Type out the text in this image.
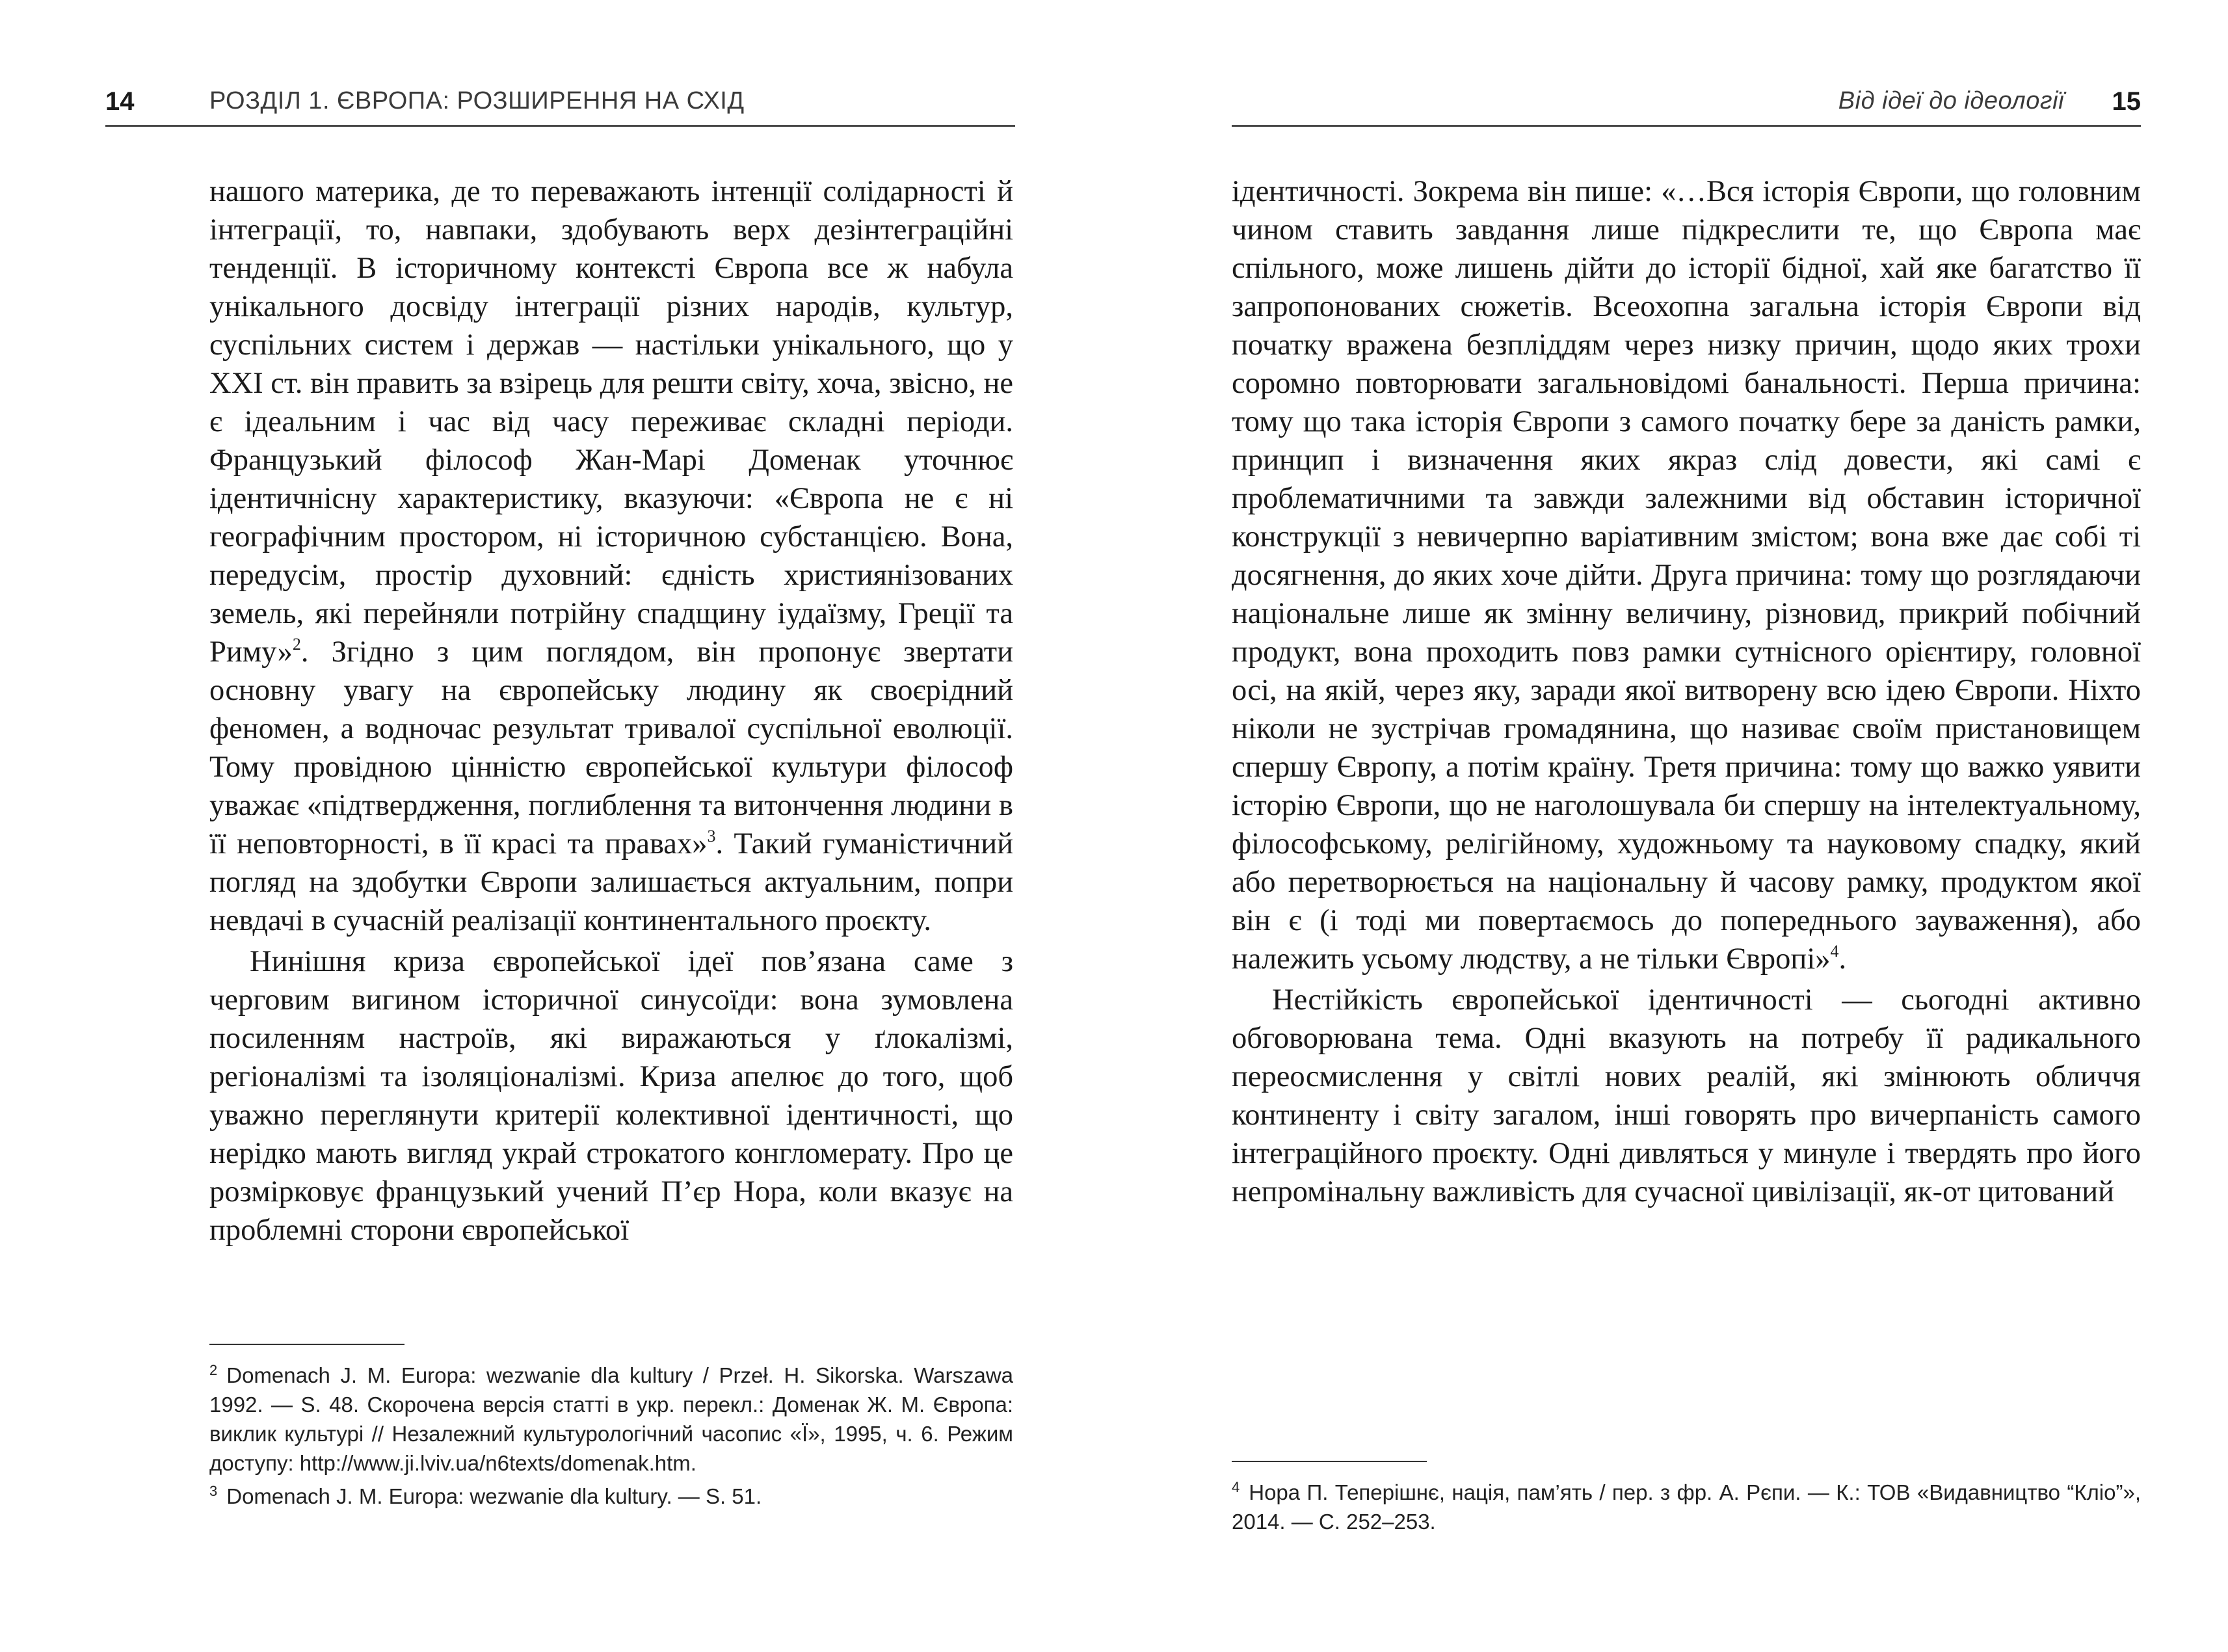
14	РОЗДІЛ 1. ЄВРОПА: РОЗШИРЕННЯ НА СХІД

нашого материка, де то переважають інтенції солідарності й інтеграції, то, навпаки, здобувають верх дезінтеграційні тенденції. В історичному контексті Європа все ж набула унікального досвіду інтеграції різних народів, культур, суспільних систем і держав — настільки унікального, що у XXI ст. він править за взірець для решти світу, хоча, звісно, не є ідеальним і час від часу переживає складні періоди. Французький філософ Жан-Марі Доменак уточнює ідентичнісну характеристику, вказуючи: «Європа не є ні географічним простором, ні історичною субстанцією. Вона, передусім, простір духовний: єдність християнізованих земель, які перейняли потрійну спадщину іудаїзму, Греції та Риму»$^2$. Згідно з цим поглядом, він пропонує звертати основну увагу на європейську людину як своєрідний феномен, а водночас результат тривалої суспільної еволюції. Тому провідною цінністю європейської культури філософ уважає «підтвердження, поглиблення та витончення людини в її неповторності, в її красі та правах»$^3$. Такий гуманістичний погляд на здобутки Європи залишається актуальним, попри невдачі в сучасній реалізації континентального проєкту.

Нинішня криза європейської ідеї пов’язана саме з черговим вигином історичної синусоїди: вона зумовлена посиленням настроїв, які виражаються у ґлокалізмі, регіоналізмі та ізоляціоналізмі. Криза апелює до того, щоб уважно переглянути критерії колективної ідентичності, що нерідко мають вигляд украй строкатого конгломерату. Про це розмірковує французький учений П’єр Нора, коли вказує на проблемні сторони європейської

$^2$ Domenach J. M. Europa: wezwanie dla kultury / Przeł. H. Sikorska. Warszawa 1992. — S. 48. Скорочена версія статті в укр. перекл.: Доменак Ж. М. Європа: виклик культурі // Незалежний культурологічний часопис «Ї», 1995, ч. 6. Режим доступу: http://www.ji.lviv.ua/n6texts/domenak.htm.

$^3$ Domenach J. M. Europa: wezwanie dla kultury. — S. 51.

Від ідеї до ідеології 15

ідентичності. Зокрема він пише: «…Вся історія Європи, що головним чином ставить завдання лише підкреслити те, що Європа має спільного, може лишень дійти до історії бідної, хай яке багатство її запропонованих сюжетів. Всеохопна загальна історія Європи від початку вражена безпліддям через низку причин, щодо яких трохи соромно повторювати загальновідомі банальності. Перша причина: тому що така історія Європи з самого початку бере за даність рамки, принцип і визначення яких якраз слід довести, які самі є проблематичними та завжди залежними від обставин історичної конструкції з невичерпно варіативним змістом; вона вже дає собі ті досягнення, до яких хоче дійти. Друга причина: тому що розглядаючи національне лише як змінну величину, різновид, прикрий побічний продукт, вона проходить повз рамки сутнісного орієнтиру, головної осі, на якій, через яку, заради якої витворену всю ідею Європи. Ніхто ніколи не зустрічав громадянина, що називає своїм пристановищем спершу Європу, а потім країну. Третя причина: тому що важко уявити історію Європи, що не наголошувала би спершу на інтелектуальному, філософському, релігійному, художньому та науковому спадку, який або перетворюється на національну й часову рамку, продуктом якої він є (і тоді ми повертаємось до попереднього зауваження), або належить усьому людству, а не тільки Європі»$^4$.

Нестійкість європейської ідентичності — сьогодні активно обговорювана тема. Одні вказують на потребу її радикального переосмислення у світлі нових реалій, які змінюють обличчя континенту і світу загалом, інші говорять про вичерпаність самого інтеграційного проєкту. Одні дивляться у минуле і твердять про його непромінальну важливість для сучасної цивілізації, як-от цитований

$^4$ Нора П. Теперішнє, нація, пам’ять / пер. з фр. А. Рєпи. — К.: ТОВ «Видавництво “Кліо”», 2014. — С. 252–253.
